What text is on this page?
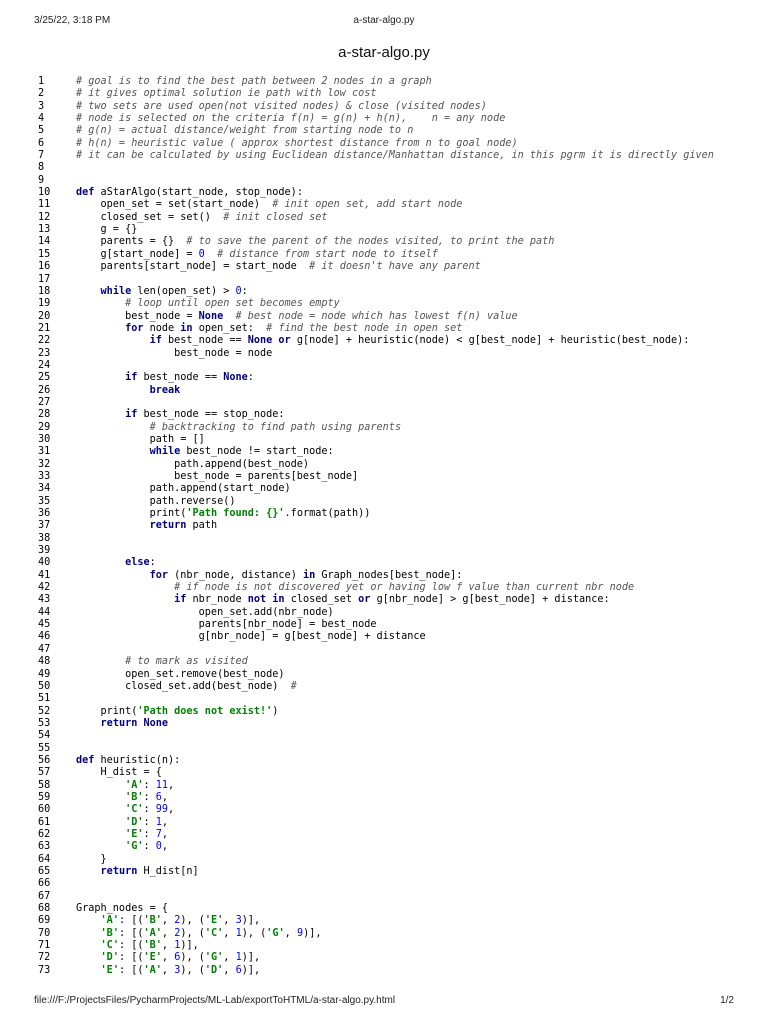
3/25/22, 3:18 PM	a-star-algo.py
a-star-algo.py
1	# goal is to find the best path between 2 nodes in a graph
2	# it gives optimal solution ie path with low cost
3	# two sets are used open(not visited nodes) & close (visited nodes)
4	# node is selected on the criteria f(n) = g(n) + h(n),    n = any node
5	# g(n) = actual distance/weight from starting node to n
6	# h(n) = heuristic value ( approx shortest distance from n to goal node)
7	# it can be calculated by using Euclidean distance/Manhattan distance, in this pgrm it is directly given
8
9
10	def aStarAlgo(start_node, stop_node):
11	open_set = set(start_node)  # init open set, add start node
12	closed_set = set()  # init closed set
13	g = {}
14	parents = {}  # to save the parent of the nodes visited, to print the path
15	g[start_node] = 0 # distance from start node to itself
16	parents[start_node] = start_node  # it doesn't have any parent
17
18	while len(open_set) > 0:
19	# loop until open set becomes empty
20	best_node = None # best node = node which has lowest f(n) value
21	for node in open_set:  # find the best node in open set
22	if best_node == None or g[node] + heuristic(node) < g[best_node] + heuristic(best_node):
23	best_node = node
24
25	if best_node == None:
26	break
27
28	if best_node == stop_node:
29	# backtracking to find path using parents
30	path = []
31	while best_node != start_node:
32	path.append(best_node)
33	best_node = parents[best_node]
34	path.append(start_node)
35	path.reverse()
36	print('Path found: {}'.format(path))
37	return path
38
39
40	else:
41	for (nbr_node, distance) in Graph_nodes[best_node]:
42	# if node is not discovered yet or having low f value than current nbr node
43	if nbr_node not in closed_set or g[nbr_node] > g[best_node] + distance:
44	open_set.add(nbr_node)
45	parents[nbr_node] = best_node
46	g[nbr_node] = g[best_node] + distance
47
48	# to mark as visited
49	open_set.remove(best_node)
50	closed_set.add(best_node)  #
51
52	print('Path does not exist!')
53	return None
54
55
56	def heuristic(n):
57	H_dist = {
58	'A': 11,
59	'B': 6,
60	'C': 99,
61	'D': 1,
62	'E': 7,
63	'G': 0,
64	}
65	return H_dist[n]
66
67
68	Graph_nodes = {
69	'A': [('B', 2), ('E', 3)],
70	'B': [('A', 2), ('C', 1), ('G', 9)],
71	'C': [('B', 1)],
72	'D': [('E', 6), ('G', 1)],
73	'E': [('A', 3), ('D', 6)],
file:///F:/ProjectsFiles/PycharmProjects/ML-Lab/exportToHTML/a-star-algo.py.html	1/2
